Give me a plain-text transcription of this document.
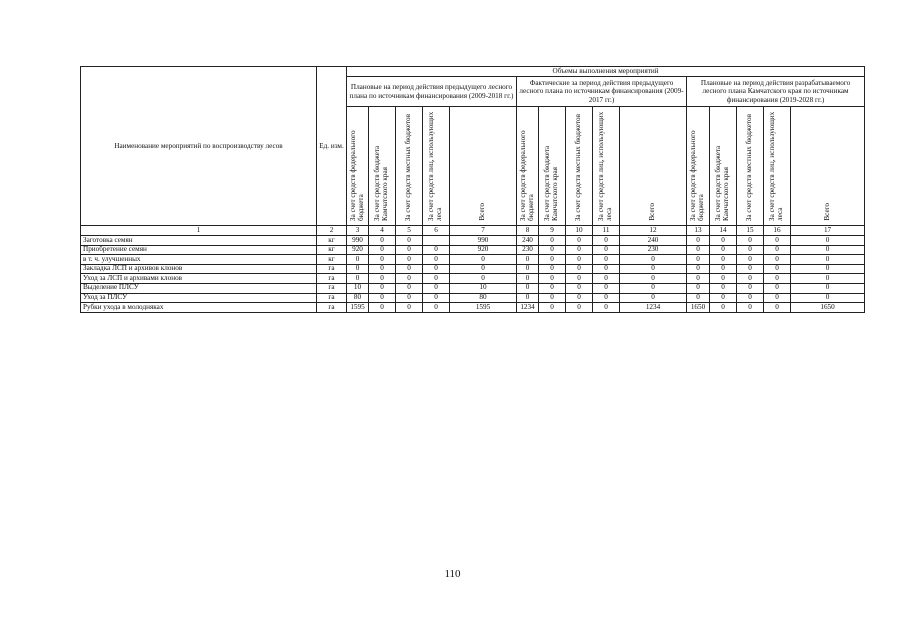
Наименование мероприятий по воспроизводству лесов	Ед. изм.	Объемы выполнения мероприятий														
		Плановые на период действия предыдущего лесного плана по источникам финансирования (2009-2018 гг.)					Фактические за период действия предыдущего лесного плана по источникам финансирования (2009-2017 гг.)					Плановые на период действия разрабатываемого лесного плана Камчатского края по источникам финансирования (2019-2028 гг.)				

		За счет средств федерального бюджета	За счет средств бюджета Камчатского края	За счет средств местных бюджетов	За счет средств лиц, использующих леса	Всего	За счет средств федерального бюджета	За счет средств бюджета Камчатского края	За счет средств местных бюджетов	За счет средств лиц, использующих леса	Всего	За счет средств федерального бюджета	За счет средств бюджета Камчатского края	За счет средств местных бюджетов	За счет средств лиц, использующих леса	Всего

1	2	3	4	5	6	7	8	9	10	11	12	13	14	15	16	17
Заготовка семян	кг	990	0	0		990	240	0	0	0	240	0	0	0	0	0
Приобретение семян	кг	920	0	0	0	920	230	0	0	0	230	0	0	0	0	0
в т. ч. улучшенных	кг	0	0	0	0	0	0	0	0	0	0	0	0	0	0	0
Закладка ЛСП и архивов клонов	га	0	0	0	0	0	0	0	0	0	0	0	0	0	0	0
Уход за ЛСП и архивами клонов	га	0	0	0	0	0	0	0	0	0	0	0	0	0	0	0
Выделение ПЛСУ	га	10	0	0	0	10	0	0	0	0	0	0	0	0	0	0
Уход за ПЛСУ	га	80	0	0	0	80	0	0	0	0	0	0	0	0	0	0
Рубки ухода в молодняках	га	1595	0	0	0	1595	1234	0	0	0	1234	1650	0	0	0	1650
110
